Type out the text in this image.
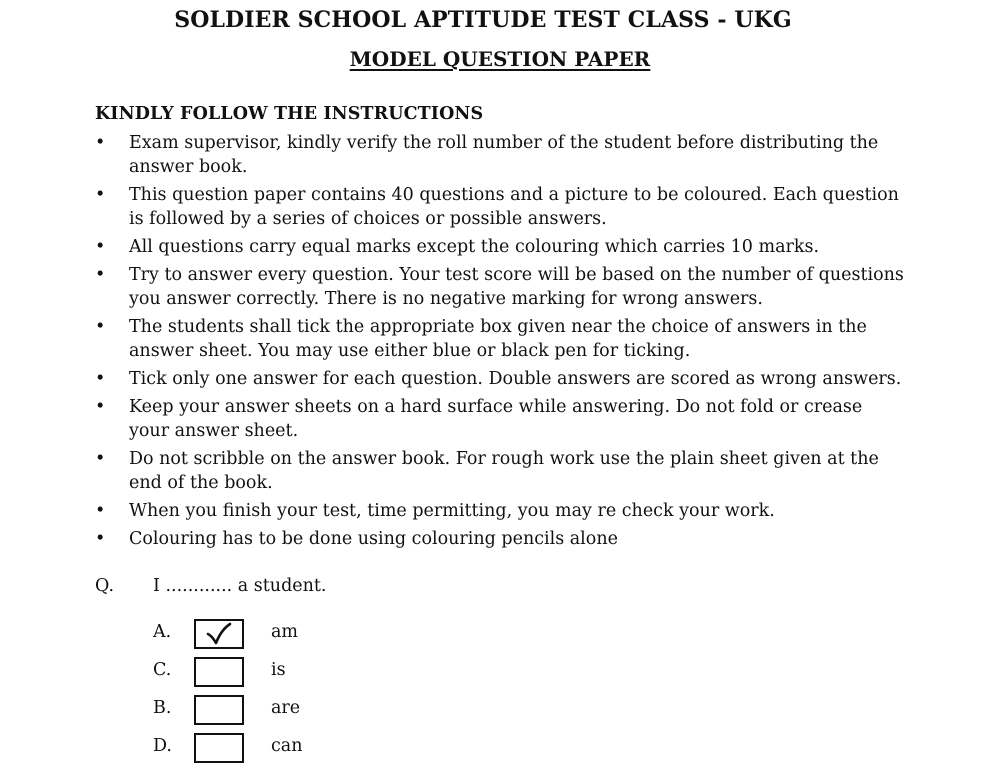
SOLDIER SCHOOL APTITUDE TEST CLASS - UKG
MODEL QUESTION PAPER
KINDLY FOLLOW THE INSTRUCTIONS
• Exam supervisor, kindly verify the roll number of the student before distributing the answer book.
• This question paper contains 40 questions and a picture to be coloured. Each question is followed by a series of choices or possible answers.
• All questions carry equal marks except the colouring which carries 10 marks.
• Try to answer every question. Your test score will be based on the number of questions you answer correctly. There is no negative marking for wrong answers.
• The students shall tick the appropriate box given near the choice of answers in the answer sheet. You may use either blue or black pen for ticking.
• Tick only one answer for each question. Double answers are scored as wrong answers.
• Keep your answer sheets on a hard surface while answering. Do not fold or crease your answer sheet.
• Do not scribble on the answer book. For rough work use the plain sheet given at the end of the book.
• When you finish your test, time permitting, you may re check your work.
• Colouring has to be done using colouring pencils alone
Q. I ............ a student.
A.	am
C.	is
B.	are
D.	can
